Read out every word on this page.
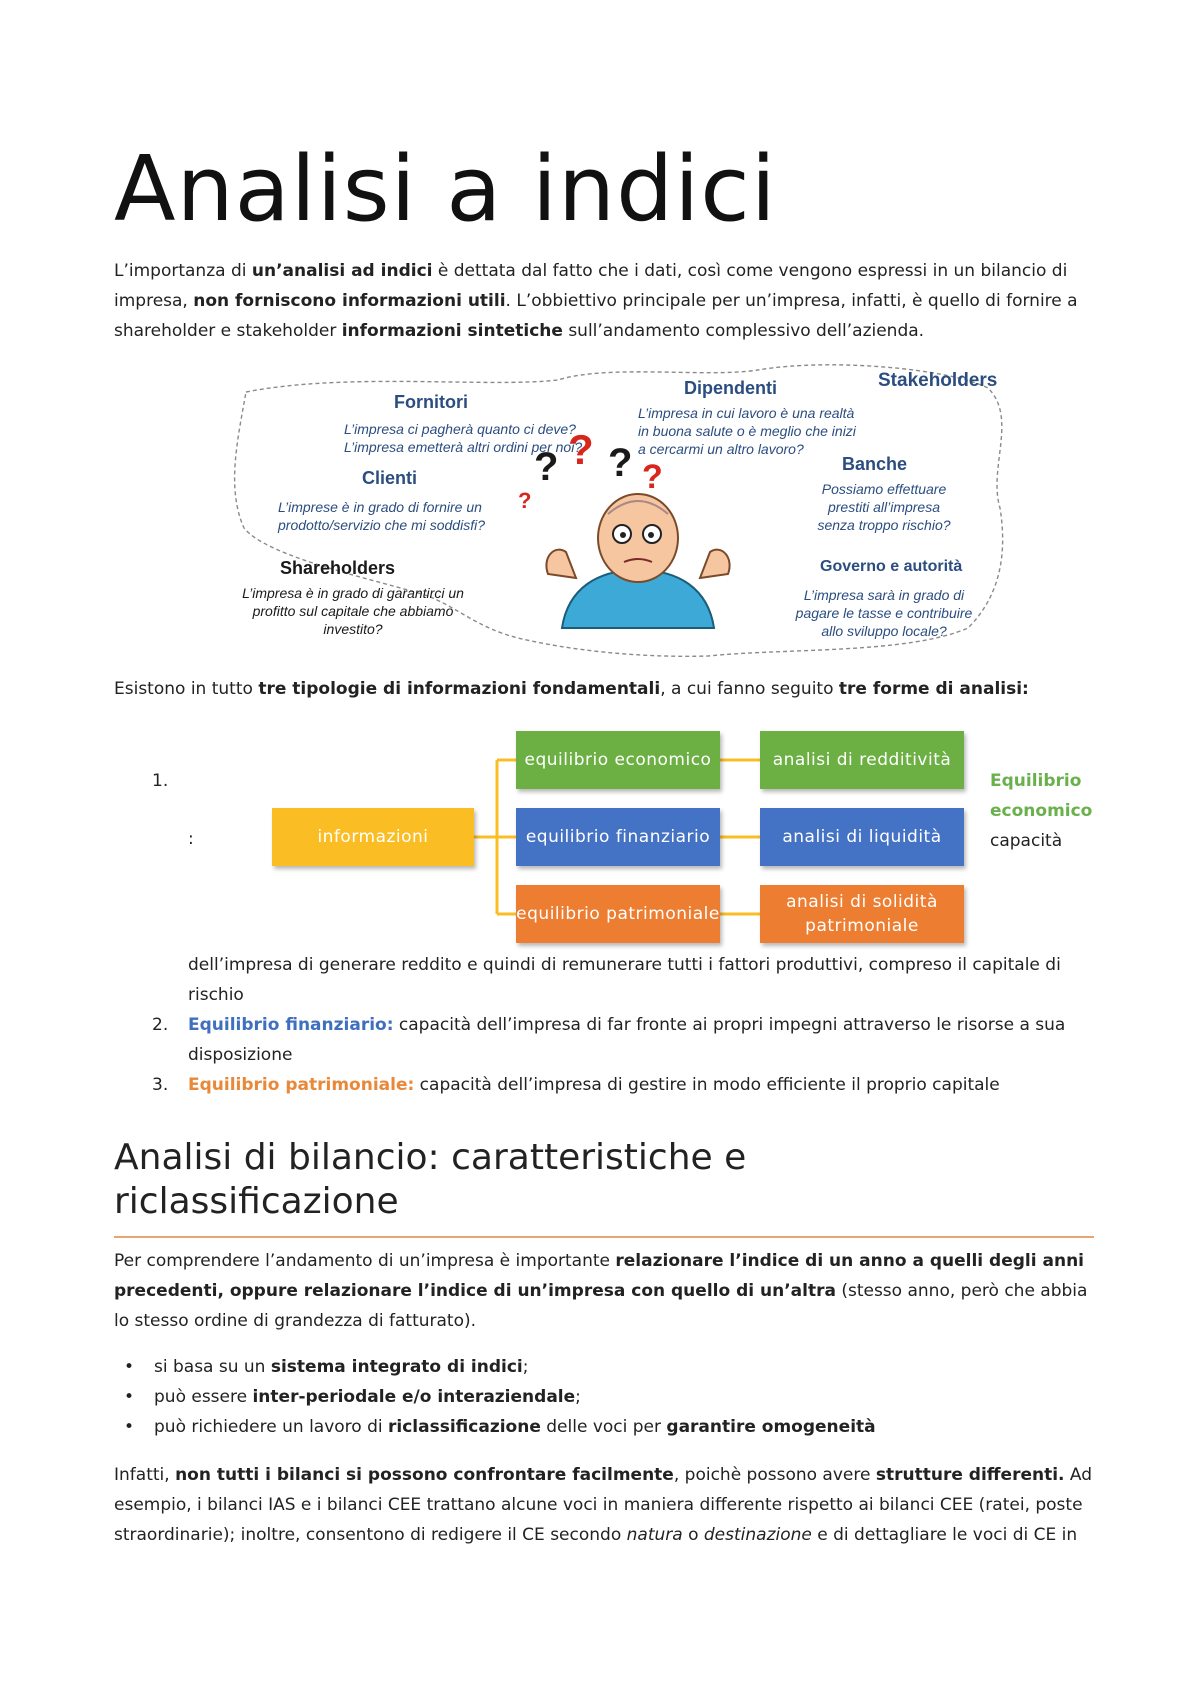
Analisi a indici

L’importanza di un’analisi ad indici è dettata dal fatto che i dati, così come vengono espressi in un bilancio di impresa, non forniscono informazioni utili. L’obbiettivo principale per un’impresa, infatti, è quello di fornire a shareholder e stakeholder informazioni sintetiche sull’andamento complessivo dell’azienda.

? ? ? ?
?
Stakeholders
Fornitori
L’impresa ci pagherà quanto ci deve?
L’impresa emetterà altri ordini per noi?
Dipendenti
L’impresa in cui lavoro è una realtà
in buona salute o è meglio che inizi
a cercarmi un altro lavoro?
Clienti
L’imprese è in grado di fornire un
prodotto/servizio che mi soddisfi?
Banche
Possiamo effettuare
prestiti all’impresa
senza troppo rischio?
Shareholders
L’impresa è in grado di garantirci un
profitto sul capitale che abbiamo
investito?
Governo e autorità
L’impresa sarà in grado di
pagare le tasse e contribuire
allo sviluppo locale?

Esistono in tutto tre tipologie di informazioni fondamentali, a cui fanno seguito tre forme di analisi:

informazioni
equilibrio economico
equilibrio finanziario
equilibrio patrimoniale
analisi di redditività
analisi di liquidità
analisi di solidità patrimoniale
1.
:
Equilibrio economico
capacità
dell’impresa di generare reddito e quindi di remunerare tutti i fattori produttivi, compreso il capitale di rischio
2. Equilibrio finanziario: capacità dell’impresa di far fronte ai propri impegni attraverso le risorse a sua disposizione
3. Equilibrio patrimoniale: capacità dell’impresa di gestire in modo efficiente il proprio capitale
Analisi di bilancio: caratteristiche e riclassificazione

Per comprendere l’andamento di un’impresa è importante relazionare l’indice di un anno a quelli degli anni precedenti, oppure relazionare l’indice di un’impresa con quello di un’altra (stesso anno, però che abbia lo stesso ordine di grandezza di fatturato).

• si basa su un sistema integrato di indici;
• può essere inter-periodale e/o interaziendale;
• può richiedere un lavoro di riclassificazione delle voci per garantire omogeneità

Infatti, non tutti i bilanci si possono confrontare facilmente, poichè possono avere strutture differenti. Ad esempio, i bilanci IAS e i bilanci CEE trattano alcune voci in maniera differente rispetto ai bilanci CEE (ratei, poste straordinarie); inoltre, consentono di redigere il CE secondo natura o destinazione e di dettagliare le voci di CE in
